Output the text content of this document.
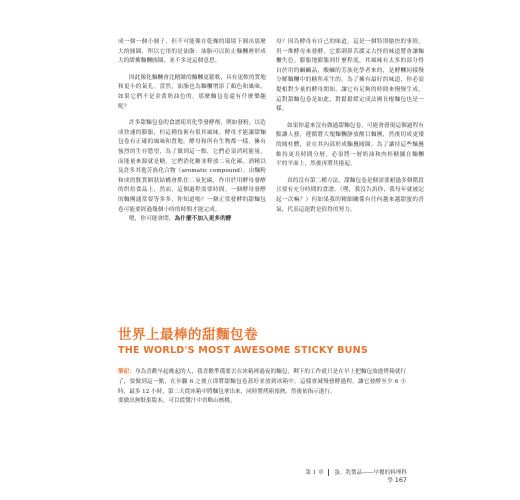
成一個一個小圓子，但不可能像在乾燥的環境下圓出那麼大的圓圈，所以它用的是油脂：油脂可以防止麵糰裡形成大的緩衝麵糰圓圈，並不多是這個意思。

因此像化麵糰會比精緻的麵糰更鬆軟，具有更軟的質地和更小的氣孔。當然，油脂也為麵糰增添了顏色和風味，如果它們不是金黃奶油色的，那麼麵包卷還有什麼樂趣呢？

許多甜麵包卷的食譜使用化學發酵劑，例如發粉，以造成快速的膨脹，但這種技術有很其風味。酵母才能讓甜麵包卷有正確的風味和質地。酵母和所有生物都一樣，擁有強烈的生存慾望，為了做到這一點，它們必須消耗能量。而能量來源就是糖，它們消化糖並釋放二氧化碳、酒精以及許多其他芳族化合物（aromatic compound）。由麵粉和成的麩質網狀結構會抓住二氧化碳，作用於用酵母發酵的烘焙食品上，然而，這個過程需要時間。一個酵母發酵的麵團通常要等多多，你知道嗎？一個正常發酵的甜麵包卷可能要經過幾個小時的時間才能完成。

嗯，你可能會問，為什麼不加入更多的酵

母？因為酵母有自己的味道，這是一個特別愉快的事情，用一堆酵母來發酵，它那刺鼻苦澀又古怪的味道將會讓麵糰失色。膨脹地膨脹到什麼程度，其風味有太多的部分得自於用的鹹鹹品，酸鹹的芳族化學者來的，是酵糰同樣慢分解麵糰中的糖所產生的。為了擁有最好的味道，你必須提相對少量的酵母開始，讓它有足夠的時間來慢慢生成，這對甜麵包卷是如此，對鬆鬆緩定成法國長棍麵包也是一樣。

如果你還來沒有做過甜麵包卷，可能會發現這個過程有點讓人發，遵循將大塊麵糰靜放醒目麵團，然後切成更矮的圓柱體，並在其內部形成麵疊圓圈。為了讓持這些麵疊維持更長時間分層，必須將一層奶油和肉桂糖鋪在麵糰　平的平面上，然後再將其捲起。

真的沒有第二種方法，甜麵包卷是個需要耐過多個階段且要有充分時間的食譜。（嘿，我沒告訴你，我每年就被記起一次嘛？）但如果我的精細關係有任何越來越甜蜜的香氣，代表這絕對是值得的努力。

世界上最棒的甜麵包卷
THE WORLD'S MOST AWESOME STICKY BUNS

筆記：身為喜歡早起晚起的人，我喜歡準備要丟在冰箱裡過夜的麵包，剩下的工作就只是在早上把麵包放進烤箱就行了，要做到這一點，在步驟 6 之後立即將甜麵包卷蓋好並放到冰箱中。這樣會減慢發酵過程，讓它發酵至少 6 小時，最多 12 小時，第二天從冰箱中將麵包拿出來，同時將烤箱預熱，然後依指示進行。

要做出無麩果版本，可以從醬汁中省略山核桃。

第 1 章 蛋、乳製品——早餐的料理科學 167
